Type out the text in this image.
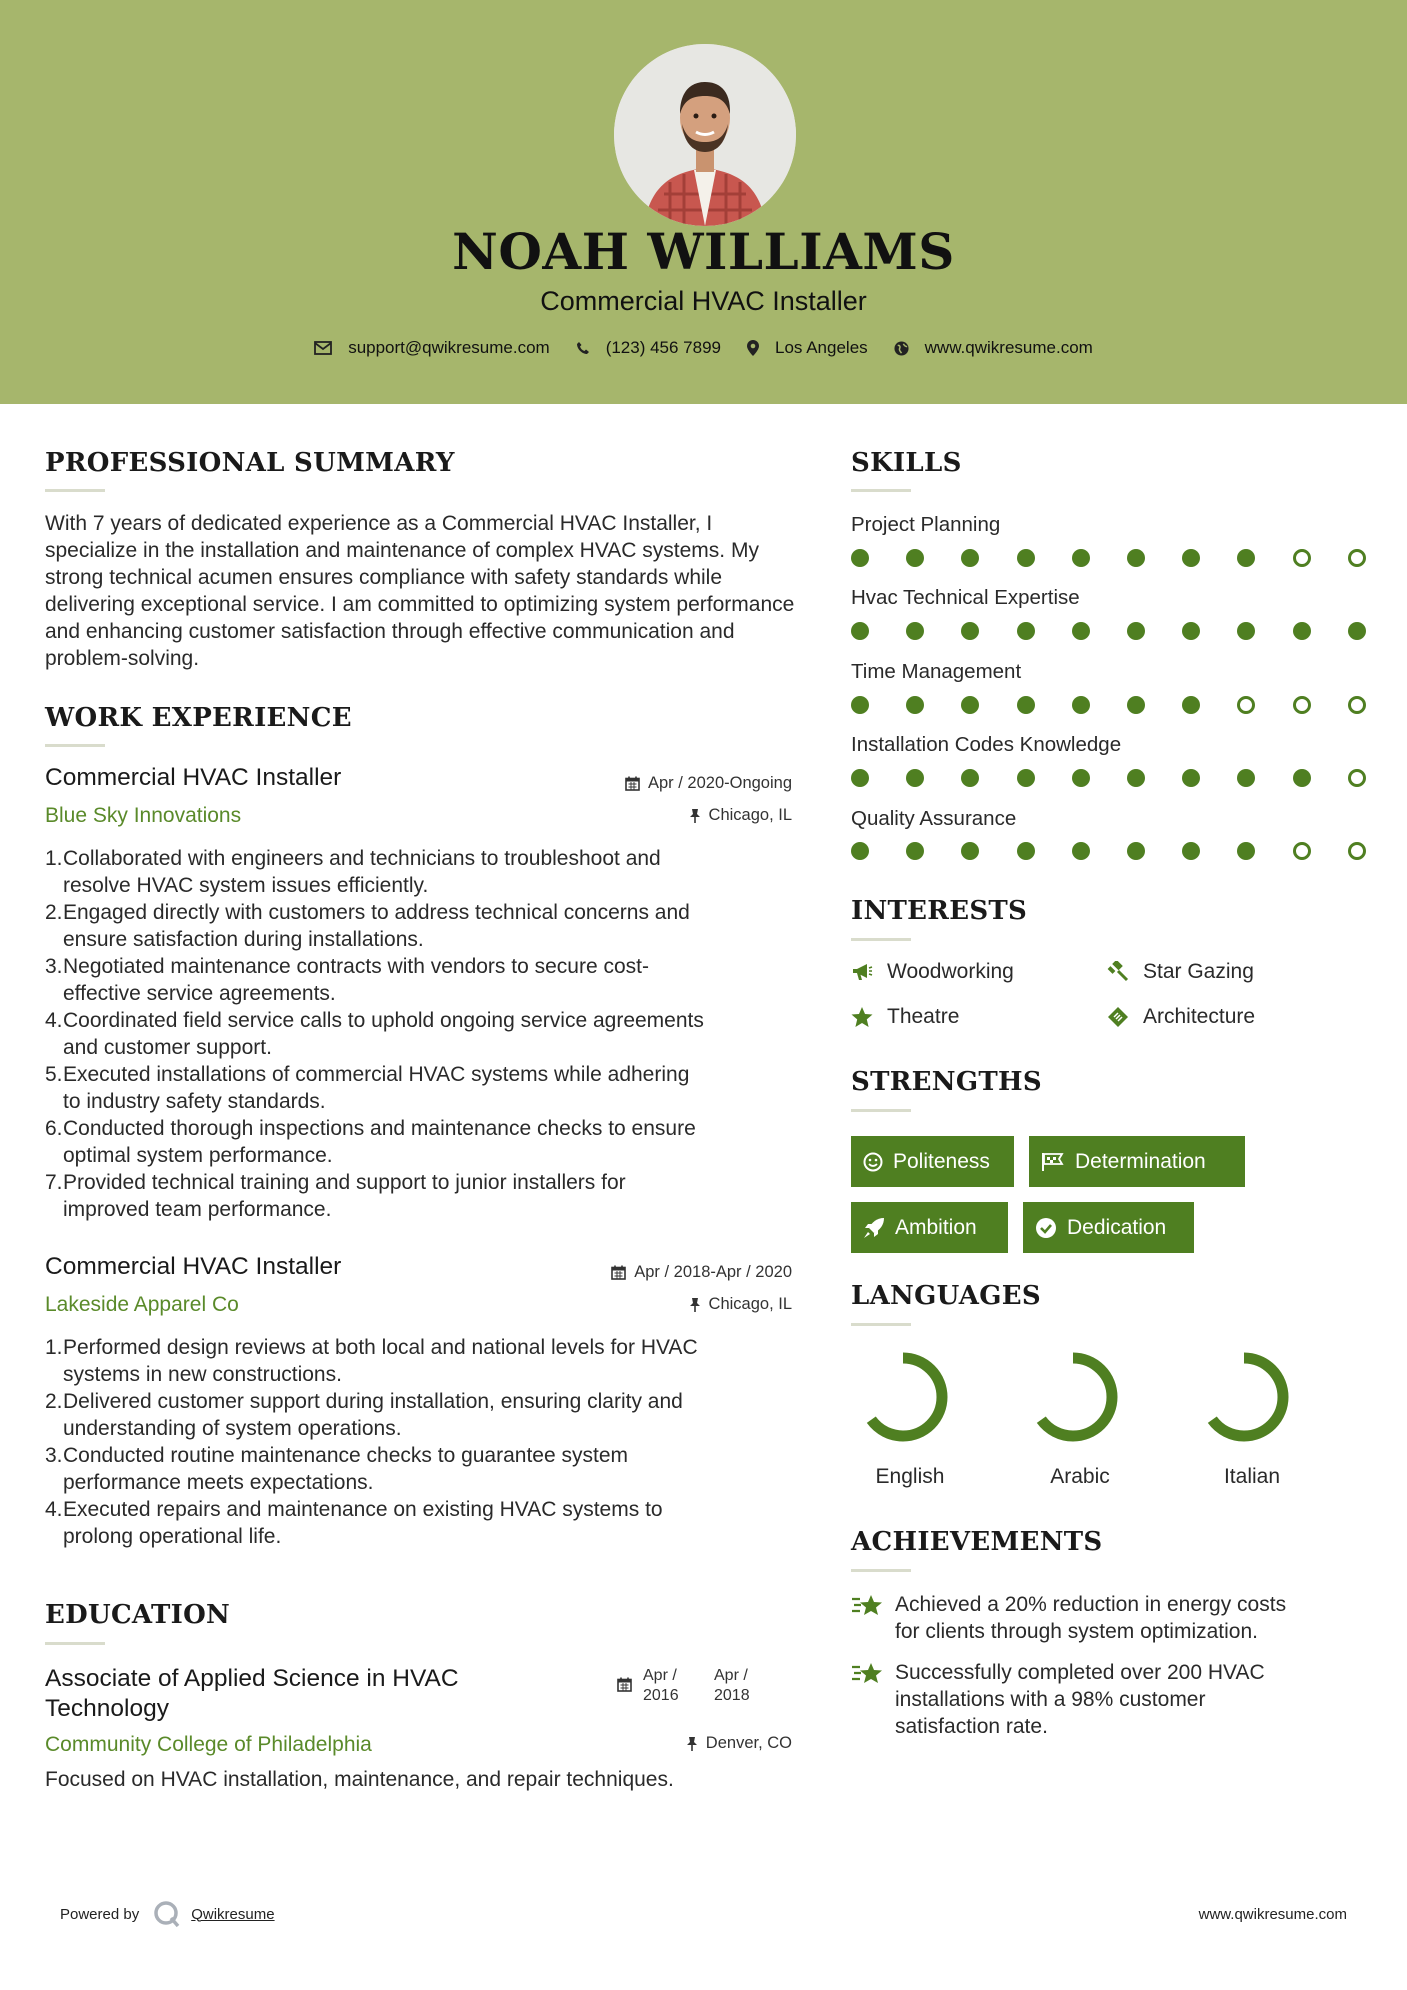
NOAH WILLIAMS
Commercial HVAC Installer
support@qwikresume.com	(123) 456 7899	Los Angeles	www.qwikresume.com
PROFESSIONAL SUMMARY
With 7 years of dedicated experience as a Commercial HVAC Installer, I specialize in the installation and maintenance of complex HVAC systems. My strong technical acumen ensures compliance with safety standards while delivering exceptional service. I am committed to optimizing system performance and enhancing customer satisfaction through effective communication and problem-solving.
WORK EXPERIENCE
Commercial HVAC Installer	Apr / 2020-Ongoing
Blue Sky Innovations	Chicago, IL
1. Collaborated with engineers and technicians to troubleshoot and
resolve HVAC system issues efficiently.
2. Engaged directly with customers to address technical concerns and
ensure satisfaction during installations.
3. Negotiated maintenance contracts with vendors to secure cost-
effective service agreements.
4. Coordinated field service calls to uphold ongoing service agreements
and customer support.
5. Executed installations of commercial HVAC systems while adhering
to industry safety standards.
6. Conducted thorough inspections and maintenance checks to ensure
optimal system performance.
7. Provided technical training and support to junior installers for
improved team performance.
Commercial HVAC Installer	Apr / 2018-Apr / 2020
Lakeside Apparel Co	Chicago, IL
1. Performed design reviews at both local and national levels for HVAC
systems in new constructions.
2. Delivered customer support during installation, ensuring clarity and
understanding of system operations.
3. Conducted routine maintenance checks to guarantee system
performance meets expectations.
4. Executed repairs and maintenance on existing HVAC systems to
prolong operational life.
EDUCATION
Associate of Applied Science in HVAC
Technology
Apr /
2016
Apr /
2018
Community College of Philadelphia	Denver, CO
Focused on HVAC installation, maintenance, and repair techniques.
SKILLS
Project Planning
Hvac Technical Expertise
Time Management
Installation Codes Knowledge
Quality Assurance
INTERESTS
Woodworking	Star Gazing
Theatre	Architecture
STRENGTHS
Politeness	Determination
Ambition	Dedication
LANGUAGES
English	Arabic	Italian
ACHIEVEMENTS
Achieved a 20% reduction in energy costs
for clients through system optimization.
Successfully completed over 200 HVAC
installations with a 98% customer
satisfaction rate.
Powered by	Qwikresume	www.qwikresume.com
